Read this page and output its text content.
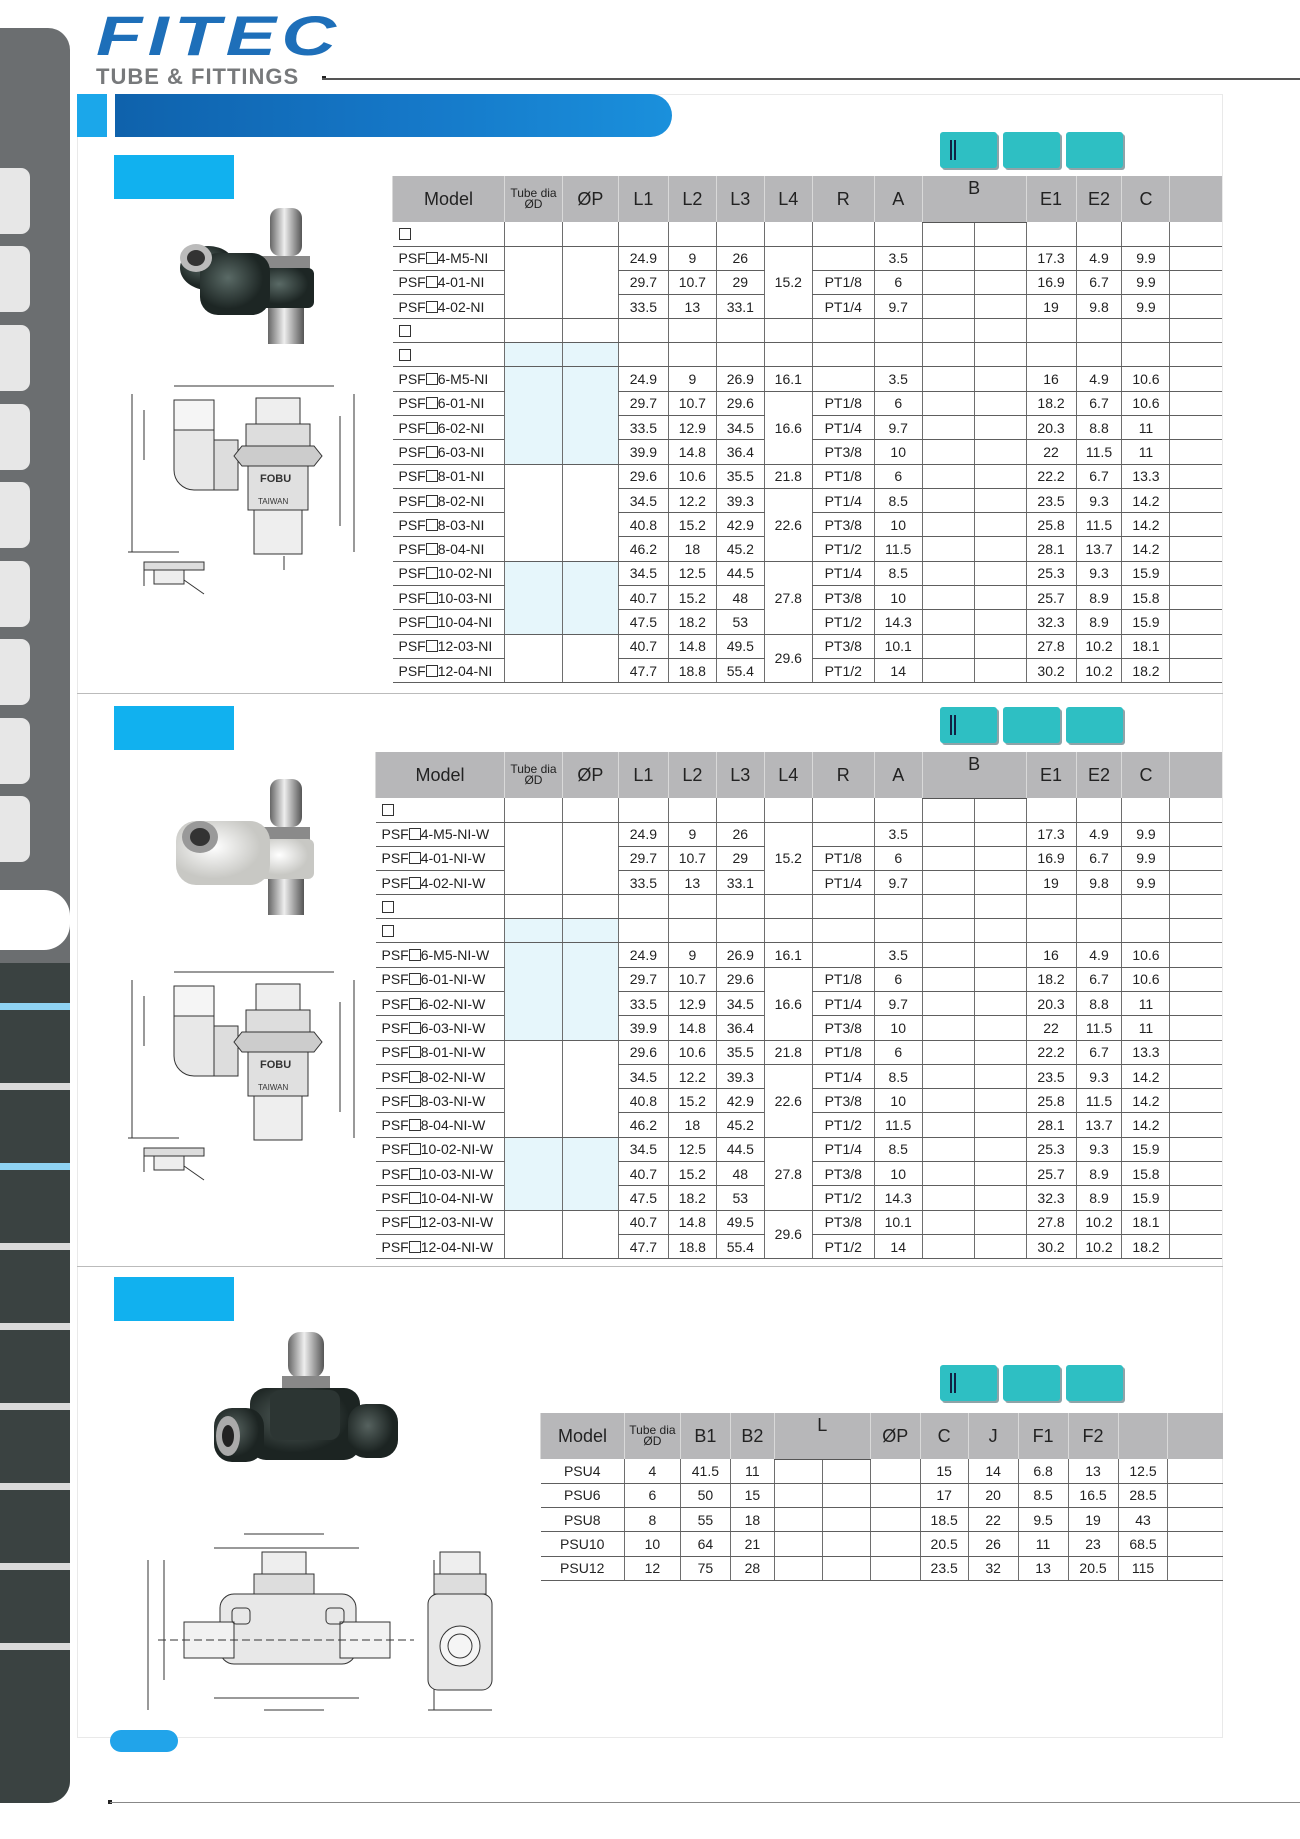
FITEC
TUBE & FITTINGS
FOBU
TAIWAN
Model	Tube dia
ØD	ØP	L1	L2	L3	L4	R	A	B		E1	E2	C	

PSF 4-M5-NI			24.9	9	26	15.2		3.5			17.3	4.9	9.9	
PSF 4-01-NI			29.7	10.7	29		PT1/8	6			16.9	6.7	9.9	
PSF 4-02-NI			33.5	13	33.1		PT1/4	9.7			19	9.8	9.9	

PSF 6-M5-NI			24.9	9	26.9	16.1		3.5			16	4.9	10.6	
PSF 6-01-NI			29.7	10.7	29.6	16.6	PT1/8	6			18.2	6.7	10.6	
PSF 6-02-NI			33.5	12.9	34.5		PT1/4	9.7			20.3	8.8	11	
PSF 6-03-NI			39.9	14.8	36.4		PT3/8	10			22	11.5	11	
PSF 8-01-NI			29.6	10.6	35.5	21.8	PT1/8	6			22.2	6.7	13.3	
PSF 8-02-NI			34.5	12.2	39.3	22.6	PT1/4	8.5			23.5	9.3	14.2	
PSF 8-03-NI			40.8	15.2	42.9		PT3/8	10			25.8	11.5	14.2	
PSF 8-04-NI			46.2	18	45.2		PT1/2	11.5			28.1	13.7	14.2	
PSF 10-02-NI			34.5	12.5	44.5	27.8	PT1/4	8.5			25.3	9.3	15.9	
PSF 10-03-NI			40.7	15.2	48		PT3/8	10			25.7	8.9	15.8	
PSF 10-04-NI			47.5	18.2	53		PT1/2	14.3			32.3	8.9	15.9	
PSF 12-03-NI			40.7	14.8	49.5	29.6	PT3/8	10.1			27.8	10.2	18.1	
PSF 12-04-NI			47.7	18.8	55.4		PT1/2	14			30.2	10.2	18.2	
FOBU
TAIWAN
Model	Tube dia
ØD	ØP	L1	L2	L3	L4	R	A	B		E1	E2	C	

PSF 4-M5-NI-W			24.9	9	26	15.2		3.5			17.3	4.9	9.9	
PSF 4-01-NI-W			29.7	10.7	29		PT1/8	6			16.9	6.7	9.9	
PSF 4-02-NI-W			33.5	13	33.1		PT1/4	9.7			19	9.8	9.9	

PSF 6-M5-NI-W			24.9	9	26.9	16.1		3.5			16	4.9	10.6	
PSF 6-01-NI-W			29.7	10.7	29.6	16.6	PT1/8	6			18.2	6.7	10.6	
PSF 6-02-NI-W			33.5	12.9	34.5		PT1/4	9.7			20.3	8.8	11	
PSF 6-03-NI-W			39.9	14.8	36.4		PT3/8	10			22	11.5	11	
PSF 8-01-NI-W			29.6	10.6	35.5	21.8	PT1/8	6			22.2	6.7	13.3	
PSF 8-02-NI-W			34.5	12.2	39.3	22.6	PT1/4	8.5			23.5	9.3	14.2	
PSF 8-03-NI-W			40.8	15.2	42.9		PT3/8	10			25.8	11.5	14.2	
PSF 8-04-NI-W			46.2	18	45.2		PT1/2	11.5			28.1	13.7	14.2	
PSF 10-02-NI-W			34.5	12.5	44.5	27.8	PT1/4	8.5			25.3	9.3	15.9	
PSF 10-03-NI-W			40.7	15.2	48		PT3/8	10			25.7	8.9	15.8	
PSF 10-04-NI-W			47.5	18.2	53		PT1/2	14.3			32.3	8.9	15.9	
PSF 12-03-NI-W			40.7	14.8	49.5	29.6	PT3/8	10.1			27.8	10.2	18.1	
PSF 12-04-NI-W			47.7	18.8	55.4		PT1/2	14			30.2	10.2	18.2	
Model	Tube dia
ØD	B1	B2	L		ØP	C	J	F1	F2		
PSU4	4	41.5	11				15	14	6.8	13	12.5	
PSU6	6	50	15				17	20	8.5	16.5	28.5	
PSU8	8	55	18				18.5	22	9.5	19	43	
PSU10	10	64	21				20.5	26	11	23	68.5	
PSU12	12	75	28				23.5	32	13	20.5	115	
